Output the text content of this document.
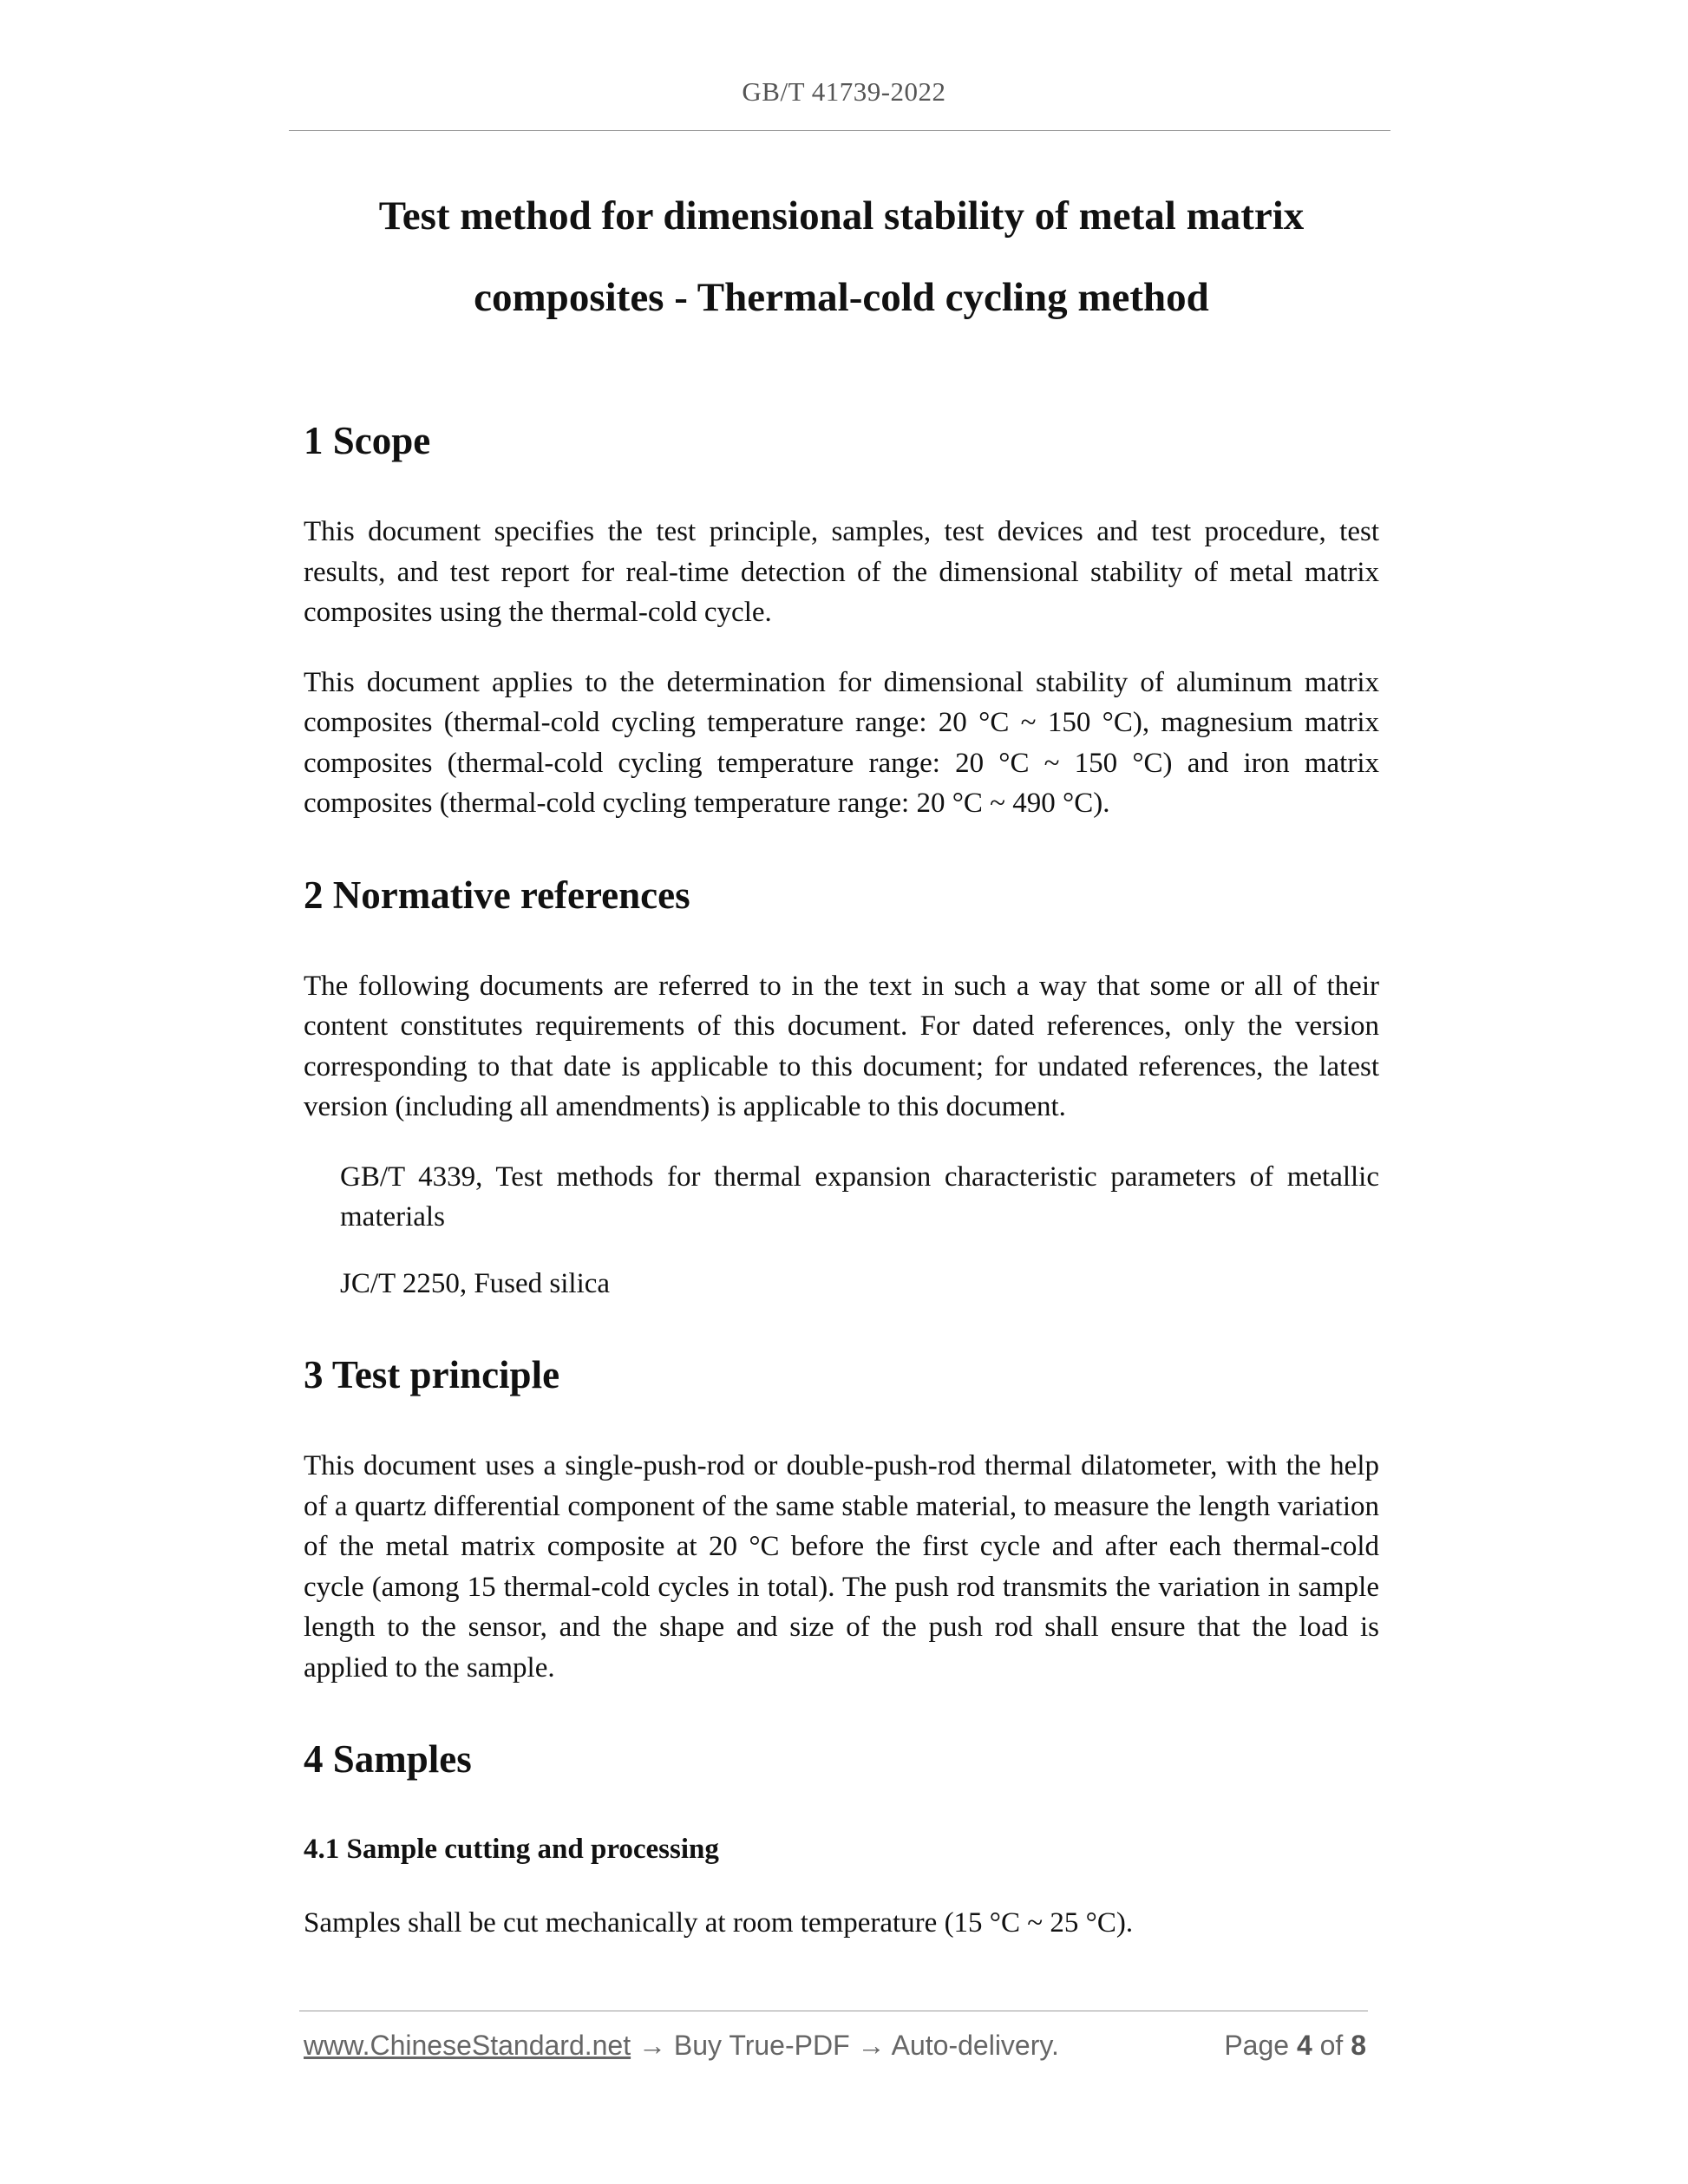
GB/T 41739-2022
Test method for dimensional stability of metal matrix
composites - Thermal-cold cycling method
1 Scope

This document specifies the test principle, samples, test devices and test procedure, test results, and test report for real-time detection of the dimensional stability of metal matrix composites using the thermal-cold cycle.

This document applies to the determination for dimensional stability of aluminum matrix composites (thermal-cold cycling temperature range: 20 °C ~ 150 °C), magnesium matrix composites (thermal-cold cycling temperature range: 20 °C ~ 150 °C) and iron matrix composites (thermal-cold cycling temperature range: 20 °C ~ 490 °C).

2 Normative references

The following documents are referred to in the text in such a way that some or all of their content constitutes requirements of this document. For dated references, only the version corresponding to that date is applicable to this document; for undated references, the latest version (including all amendments) is applicable to this document.

GB/T 4339, Test methods for thermal expansion characteristic parameters of metallic materials

JC/T 2250, Fused silica

3 Test principle

This document uses a single-push-rod or double-push-rod thermal dilatometer, with the help of a quartz differential component of the same stable material, to measure the length variation of the metal matrix composite at 20 °C before the first cycle and after each thermal-cold cycle (among 15 thermal-cold cycles in total). The push rod transmits the variation in sample length to the sensor, and the shape and size of the push rod shall ensure that the load is applied to the sample.

4 Samples
4.1 Sample cutting and processing

Samples shall be cut mechanically at room temperature (15 °C ~ 25 °C).

www.ChineseStandard.net → Buy True-PDF → Auto-delivery.	Page 4 of 8
